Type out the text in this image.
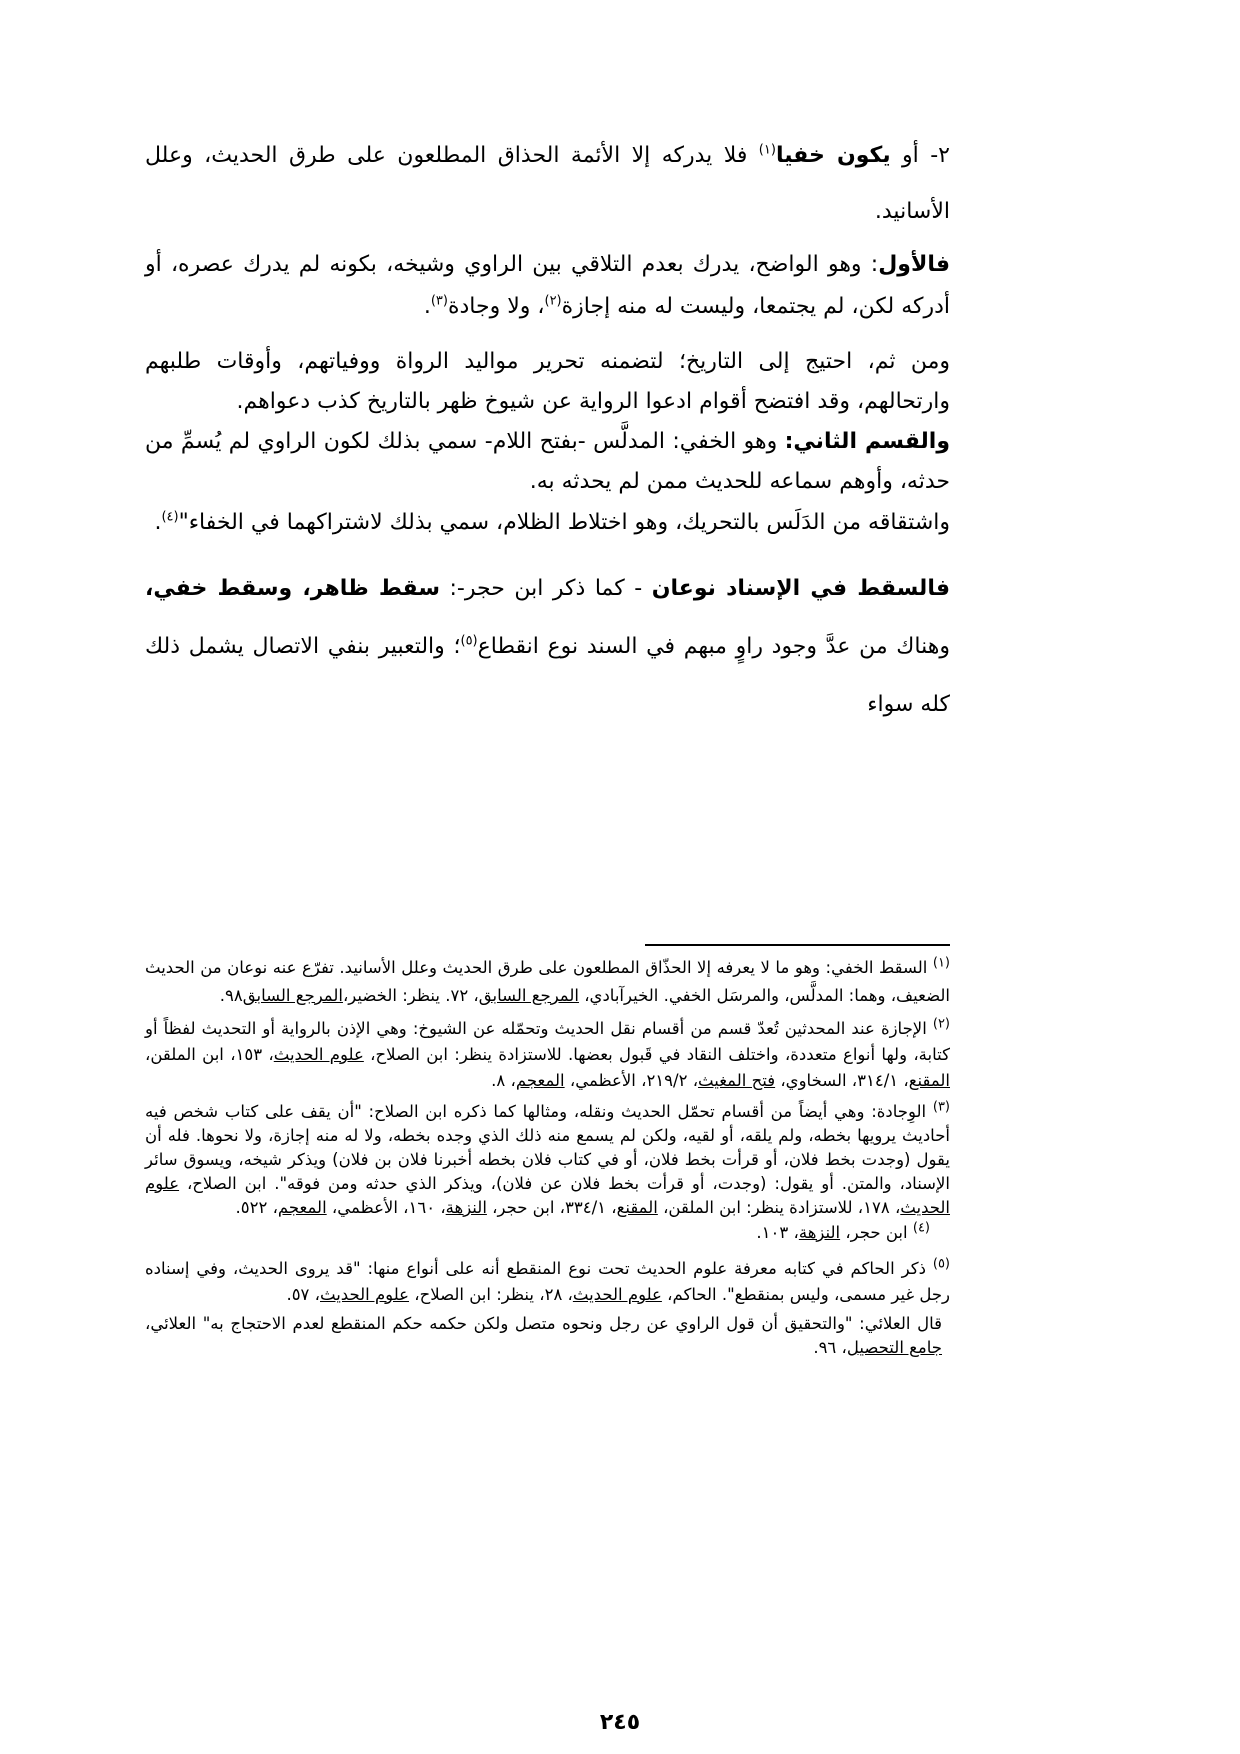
٢- أو يكون خفيا$^{(١)}$ فلا يدركه إلا الأئمة الحذاق المطلعون على طرق الحديث، وعلل الأسانيد.

فالأول: وهو الواضح، يدرك بعدم التلاقي بين الراوي وشيخه، بكونه لم يدرك عصره، أو أدركه لكن، لم يجتمعا، وليست له منه إجازة$^{(٢)}$، ولا وجادة$^{(٣)}$.

ومن ثم، احتيج إلى التاريخ؛ لتضمنه تحرير مواليد الرواة ووفياتهم، وأوقات طلبهم وارتحالهم، وقد افتضح أقوام ادعوا الرواية عن شيوخ ظهر بالتاريخ كذب دعواهم.

والقسم الثاني: وهو الخفي: المدلَّس -بفتح اللام- سمي بذلك لكون الراوي لم يُسمِّ من حدثه، وأوهم سماعه للحديث ممن لم يحدثه به.

واشتقاقه من الدَلَس بالتحريك، وهو اختلاط الظلام، سمي بذلك لاشتراكهما في الخفاء"$^{(٤)}$.

فالسقط في الإسناد نوعان - كما ذكر ابن حجر-: سقط ظاهر، وسقط خفي، وهناك من عدَّ وجود راوٍ مبهم في السند نوع انقطاع$^{(٥)}$؛ والتعبير بنفي الاتصال يشمل ذلك كله سواء

$^{(١)}$ السقط الخفي: وهو ما لا يعرفه إلا الحذّاق المطلعون على طرق الحديث وعلل الأسانيد. تفرّع عنه نوعان من الحديث الضعيف، وهما: المدلَّس، والمرسَل الخفي. الخيرآبادي، المرجع السابق، ٧٢. ينظر: الخضير،المرجع السابق٩٨.

$^{(٢)}$ الإجازة عند المحدثين تُعدّ قسم من أقسام نقل الحديث وتحمّله عن الشيوخ: وهي الإذن بالرواية أو التحديث لفظاً أو كتابة، ولها أنواع متعددة، واختلف النقاد في قَبول بعضها. للاستزادة ينظر: ابن الصلاح، علوم الحديث، ١٥٣، ابن الملقن، المقنع، ٣١٤/١، السخاوي، فتح المغيث، ٢١٩/٢، الأعظمي، المعجم، ٨.

$^{(٣)}$ الوِجادة: وهي أيضاً من أقسام تحمّل الحديث ونقله، ومثالها كما ذكره ابن الصلاح: "أن يقف على كتاب شخص فيه أحاديث يرويها بخطه، ولم يلقه، أو لقيه، ولكن لم يسمع منه ذلك الذي وجده بخطه، ولا له منه إجازة، ولا نحوها. فله أن يقول (وجدت بخط فلان، أو قرأت بخط فلان، أو في كتاب فلان بخطه أخبرنا فلان بن فلان) ويذكر شيخه، ويسوق سائر الإسناد، والمتن. أو يقول: (وجدت، أو قرأت بخط فلان عن فلان)، ويذكر الذي حدثه ومن فوقه". ابن الصلاح، علوم الحديث، ١٧٨، للاستزادة ينظر: ابن الملقن، المقنع، ٣٣٤/١، ابن حجر، النزهة، ١٦٠، الأعظمي، المعجم، ٥٢٢.

$^{(٤)}$ ابن حجر، النزهة، ١٠٣.

$^{(٥)}$ ذكر الحاكم في كتابه معرفة علوم الحديث تحت نوع المنقطع أنه على أنواع منها: "قد يروى الحديث، وفي إسناده رجل غير مسمى، وليس بمنقطع". الحاكم، علوم الحديث، ٢٨، ينظر: ابن الصلاح، علوم الحديث، ٥٧.

قال العلائي: "والتحقيق أن قول الراوي عن رجل ونحوه متصل ولكن حكمه حكم المنقطع لعدم الاحتجاج به" العلائي، جامع التحصيل، ٩٦.

٢٤٥
